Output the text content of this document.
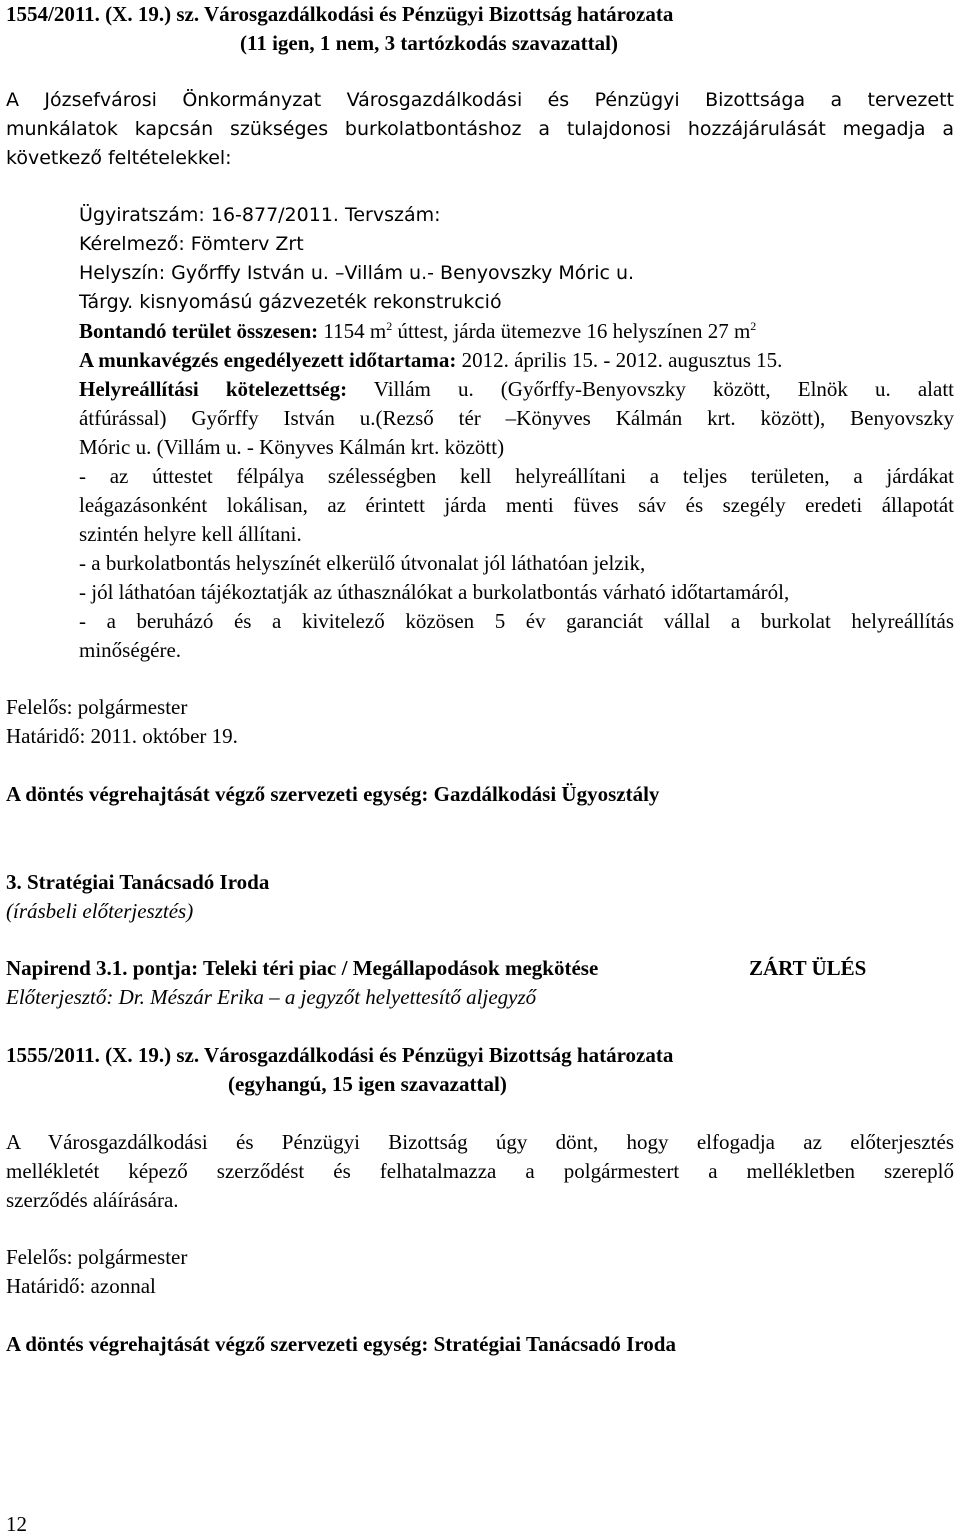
1554/2011. (X. 19.) sz. Városgazdálkodási és Pénzügyi Bizottság határozata
(11 igen, 1 nem, 3 tartózkodás szavazattal)
A Józsefvárosi Önkormányzat Városgazdálkodási és Pénzügyi Bizottsága a tervezett
munkálatok kapcsán szükséges burkolatbontáshoz a tulajdonosi hozzájárulását megadja a
következő feltételekkel:
Ügyiratszám: 16-877/2011. Tervszám:
Kérelmező: Fömterv Zrt
Helyszín: Győrffy István u. –Villám u.- Benyovszky Móric u.
Tárgy. kisnyomású gázvezeték rekonstrukció
Bontandó terület összesen: 1154 $m^2$ úttest, járda ütemezve 16 helyszínen 27 $m^2$
A munkavégzés engedélyezett időtartama: 2012. április 15. - 2012. augusztus 15.
Helyreállítási kötelezettség: Villám u. (Győrffy-Benyovszky között, Elnök u. alatt
átfúrással) Győrffy István u.(Rezső tér –Könyves Kálmán krt. között), Benyovszky
Móric u. (Villám u. - Könyves Kálmán krt. között)
- az úttestet félpálya szélességben kell helyreállítani a teljes területen, a járdákat
leágazásonként lokálisan, az érintett járda menti füves sáv és szegély eredeti állapotát
szintén helyre kell állítani.
- a burkolatbontás helyszínét elkerülő útvonalat jól láthatóan jelzik,
- jól láthatóan tájékoztatják az úthasználókat a burkolatbontás várható időtartamáról,
- a beruházó és a kivitelező közösen 5 év garanciát vállal a burkolat helyreállítás
minőségére.
Felelős: polgármester
Határidő: 2011. október 19.
A döntés végrehajtását végző szervezeti egység: Gazdálkodási Ügyosztály
3. Stratégiai Tanácsadó Iroda
(írásbeli előterjesztés)
Napirend 3.1. pontja: Teleki téri piac / Megállapodások megkötése	ZÁRT ÜLÉS
Előterjesztő: Dr. Mészár Erika – a jegyzőt helyettesítő aljegyző
1555/2011. (X. 19.) sz. Városgazdálkodási és Pénzügyi Bizottság határozata
(egyhangú, 15 igen szavazattal)
A Városgazdálkodási és Pénzügyi Bizottság úgy dönt, hogy elfogadja az előterjesztés
mellékletét képező szerződést és felhatalmazza a polgármestert a mellékletben szereplő
szerződés aláírására.
Felelős: polgármester
Határidő: azonnal
A döntés végrehajtását végző szervezeti egység: Stratégiai Tanácsadó Iroda
12
